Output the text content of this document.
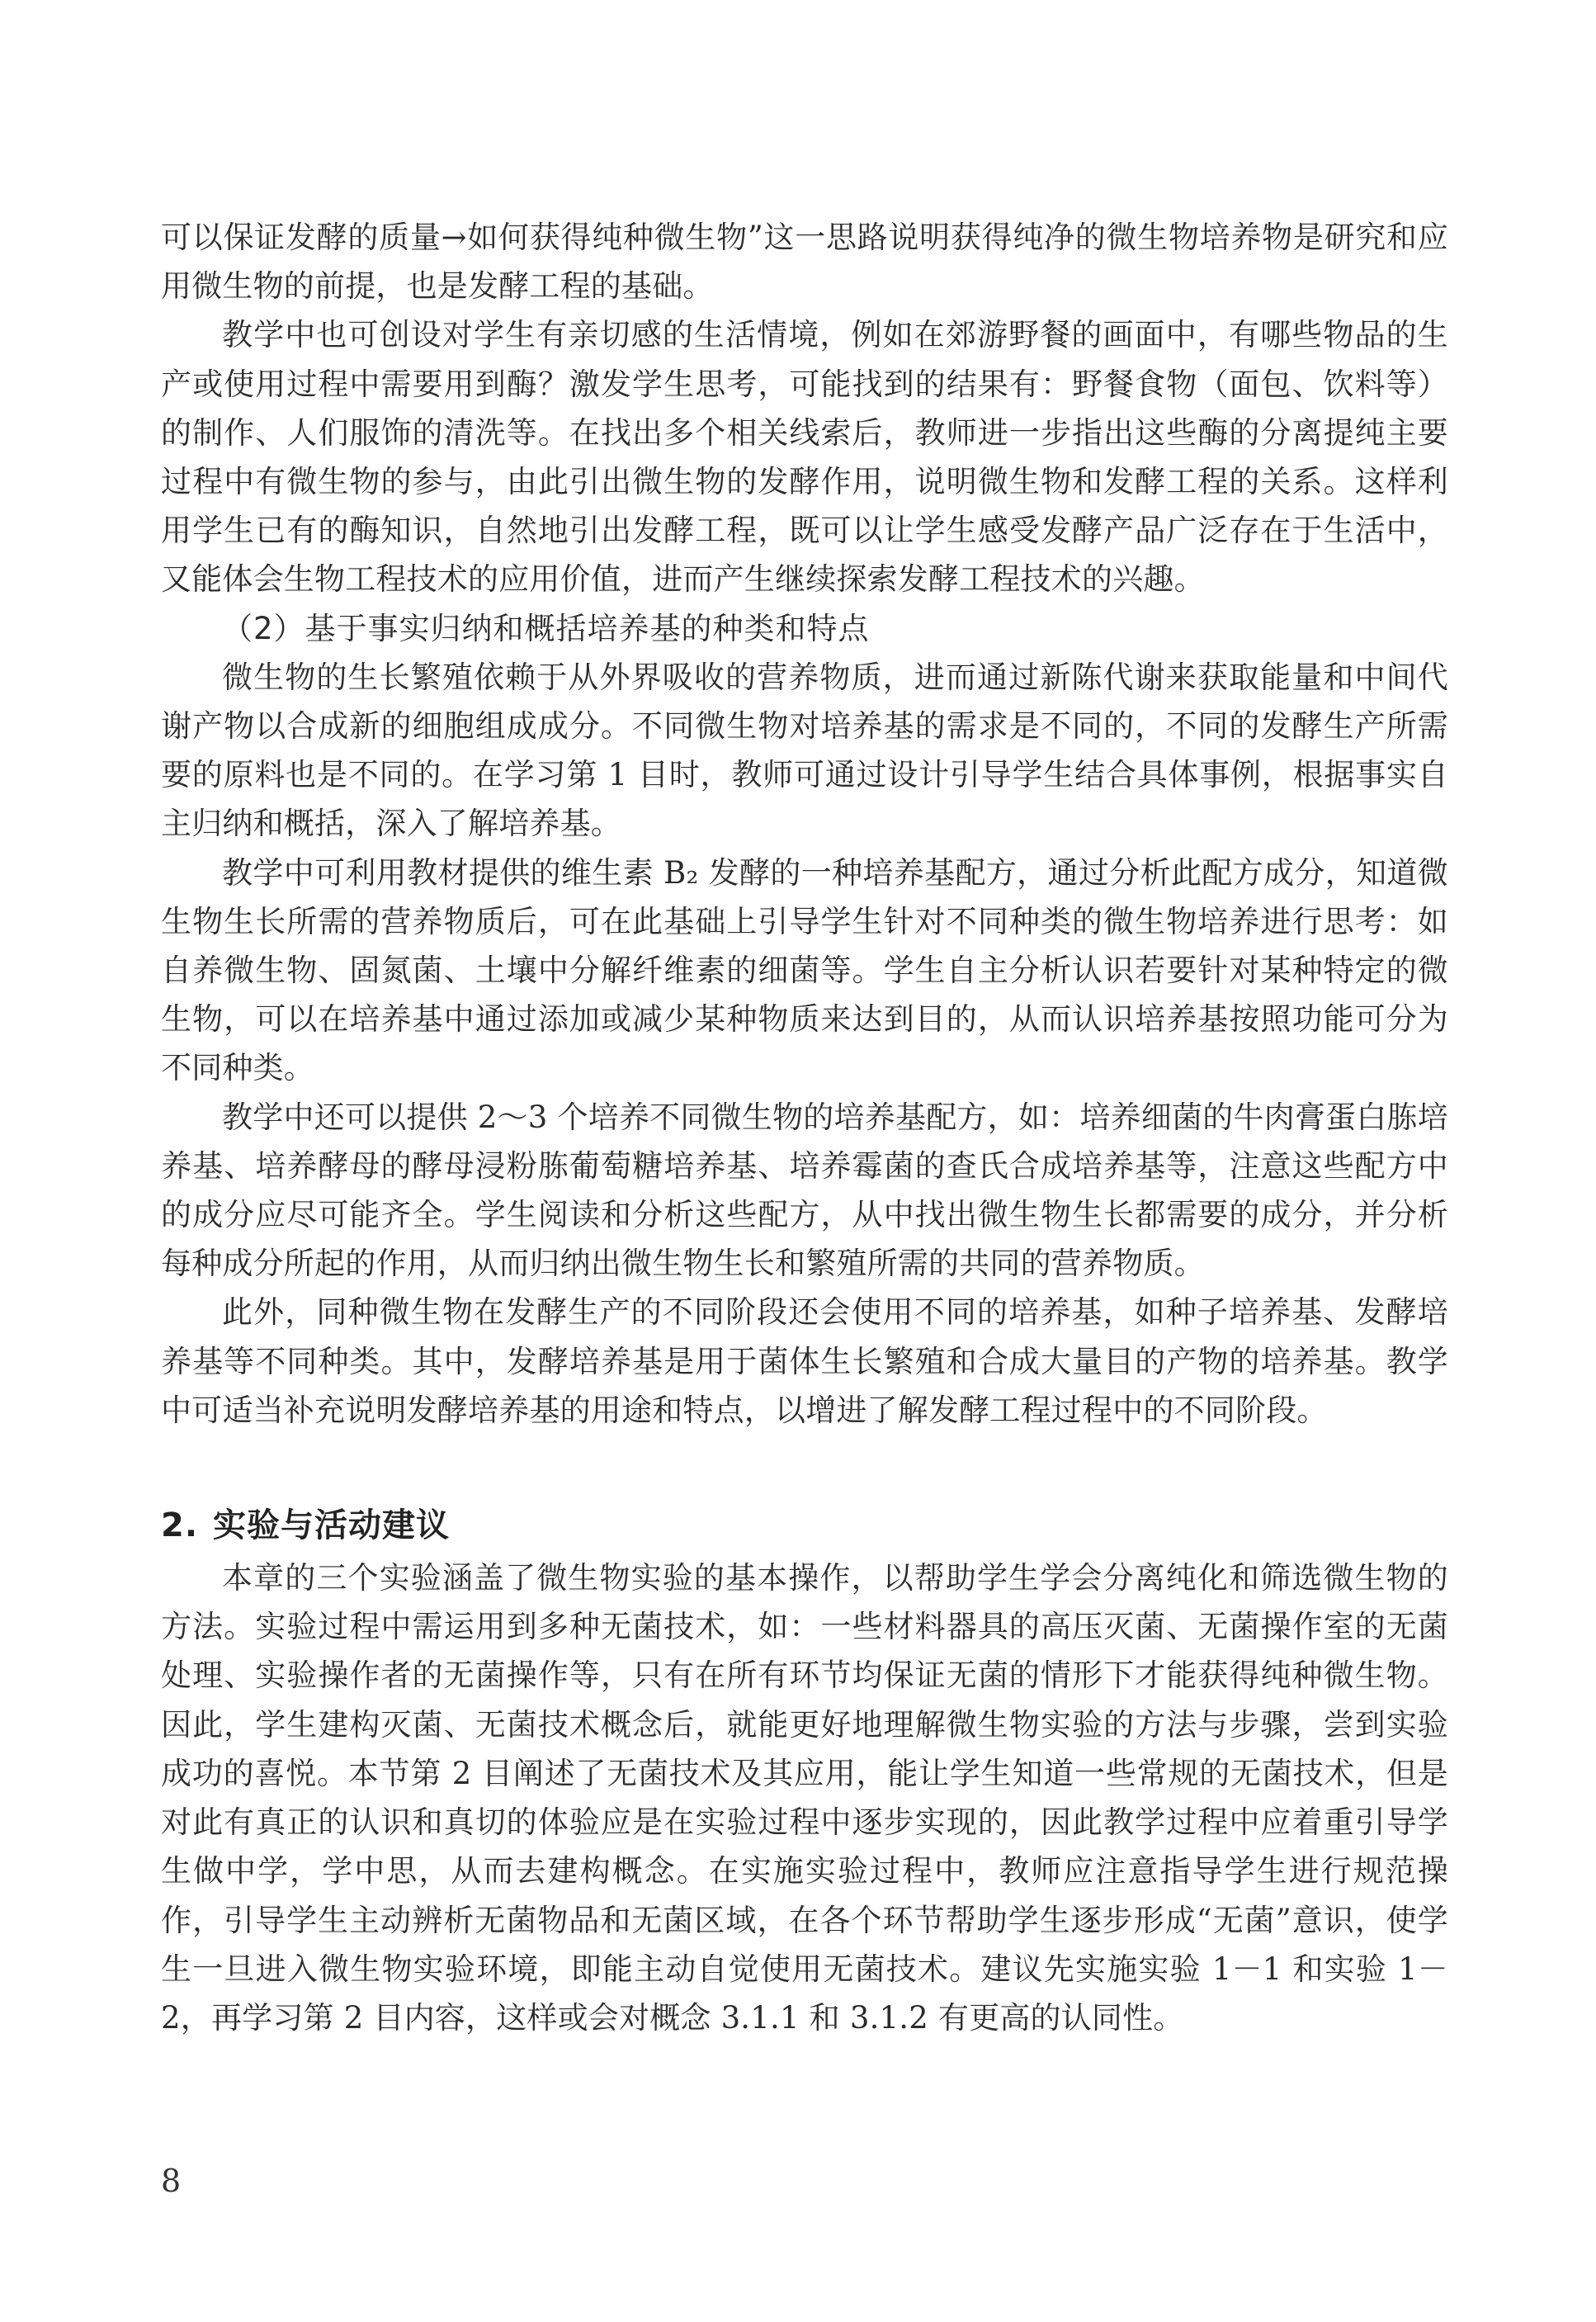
可以保证发酵的质量→如何获得纯种微生物”这一思路说明获得纯净的微生物培养物是研究和应用微生物的前提，也是发酵工程的基础。

教学中也可创设对学生有亲切感的生活情境，例如在郊游野餐的画面中，有哪些物品的生产或使用过程中需要用到酶？激发学生思考，可能找到的结果有：野餐食物（面包、饮料等）的制作、人们服饰的清洗等。在找出多个相关线索后，教师进一步指出这些酶的分离提纯主要过程中有微生物的参与，由此引出微生物的发酵作用，说明微生物和发酵工程的关系。这样利用学生已有的酶知识，自然地引出发酵工程，既可以让学生感受发酵产品广泛存在于生活中，又能体会生物工程技术的应用价值，进而产生继续探索发酵工程技术的兴趣。

（2）基于事实归纳和概括培养基的种类和特点

微生物的生长繁殖依赖于从外界吸收的营养物质，进而通过新陈代谢来获取能量和中间代谢产物以合成新的细胞组成成分。不同微生物对培养基的需求是不同的，不同的发酵生产所需要的原料也是不同的。在学习第 1 目时，教师可通过设计引导学生结合具体事例，根据事实自主归纳和概括，深入了解培养基。

教学中可利用教材提供的维生素 B₂ 发酵的一种培养基配方，通过分析此配方成分，知道微生物生长所需的营养物质后，可在此基础上引导学生针对不同种类的微生物培养进行思考：如自养微生物、固氮菌、土壤中分解纤维素的细菌等。学生自主分析认识若要针对某种特定的微生物，可以在培养基中通过添加或减少某种物质来达到目的，从而认识培养基按照功能可分为不同种类。

教学中还可以提供 2～3 个培养不同微生物的培养基配方，如：培养细菌的牛肉膏蛋白胨培养基、培养酵母的酵母浸粉胨葡萄糖培养基、培养霉菌的查氏合成培养基等，注意这些配方中的成分应尽可能齐全。学生阅读和分析这些配方，从中找出微生物生长都需要的成分，并分析每种成分所起的作用，从而归纳出微生物生长和繁殖所需的共同的营养物质。

此外，同种微生物在发酵生产的不同阶段还会使用不同的培养基，如种子培养基、发酵培养基等不同种类。其中，发酵培养基是用于菌体生长繁殖和合成大量目的产物的培养基。教学中可适当补充说明发酵培养基的用途和特点，以增进了解发酵工程过程中的不同阶段。

2. 实验与活动建议

本章的三个实验涵盖了微生物实验的基本操作，以帮助学生学会分离纯化和筛选微生物的方法。实验过程中需运用到多种无菌技术，如：一些材料器具的高压灭菌、无菌操作室的无菌处理、实验操作者的无菌操作等，只有在所有环节均保证无菌的情形下才能获得纯种微生物。因此，学生建构灭菌、无菌技术概念后，就能更好地理解微生物实验的方法与步骤，尝到实验成功的喜悦。本节第 2 目阐述了无菌技术及其应用，能让学生知道一些常规的无菌技术，但是对此有真正的认识和真切的体验应是在实验过程中逐步实现的，因此教学过程中应着重引导学生做中学，学中思，从而去建构概念。在实施实验过程中，教师应注意指导学生进行规范操作，引导学生主动辨析无菌物品和无菌区域，在各个环节帮助学生逐步形成“无菌”意识，使学生一旦进入微生物实验环境，即能主动自觉使用无菌技术。建议先实施实验 1－1 和实验 1－2，再学习第 2 目内容，这样或会对概念 3.1.1 和 3.1.2 有更高的认同性。

8
